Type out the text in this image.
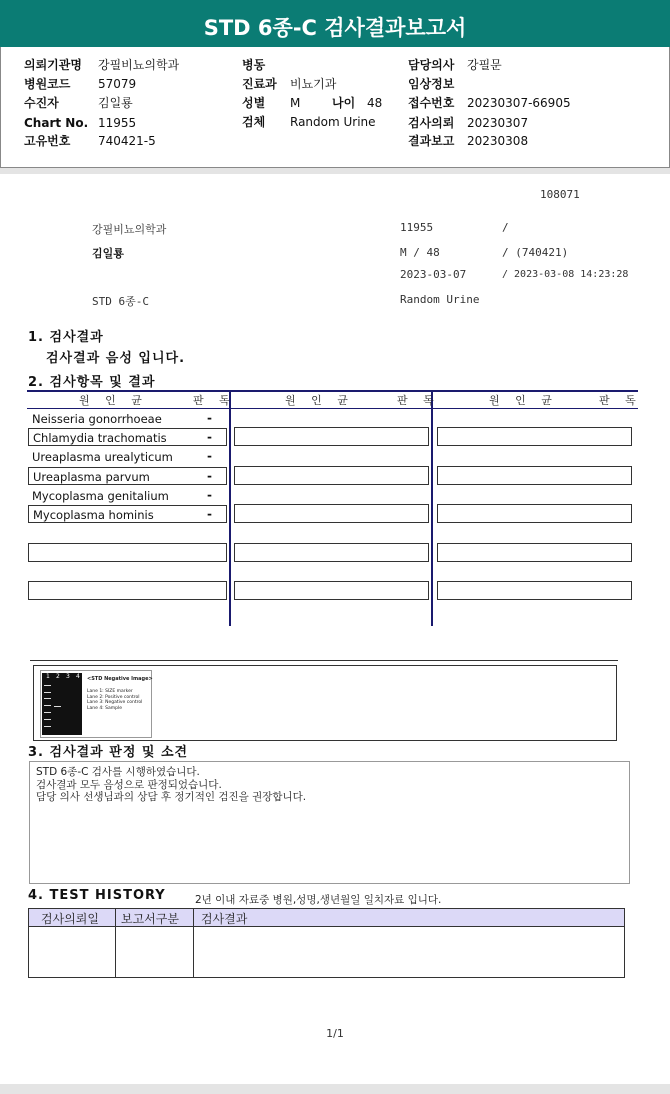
STD 6종-C 검사결과보고서
의뢰기관명 강필비뇨의학과
병원코드 57079
수진자	김일룡
Chart No. 11955
고유번호 740421-5
병동
진료과 비뇨기과
성별 M	나이 48
검체 Random Urine
담당의사 강필문
임상정보
접수번호 20230307-66905
검사의뢰 20230307
결과보고 20230308
108071
강필비뇨의학과	11955	/
김일룡	M / 48	/ (740421)
2023-03-07	/ 2023-03-08 14:23:28
STD 6종-C	Random Urine
1. 검사결과
검사결과 음성 입니다.
2. 검사항목 및 결과
원 인 균	판 독	원 인 균	판 독	원 인 균	판 독
Neisseria gonorrhoeae	-
Chlamydia trachomatis	-
Ureaplasma urealyticum	-
Ureaplasma parvum	-
Mycoplasma genitalium	-
Mycoplasma hominis	-
1 2 3 4 <STD Negative Image>
Lane 1: SIZE marker
Lane 2: Positive control
Lane 3: Negative control
Lane 4: Sample
3. 검사결과 판정 및 소견
STD 6종-C 검사를 시행하였습니다.
검사결과 모두 음성으로 판정되었습니다.
담당 의사 선생님과의 상담 후 정기적인 검진을 권장합니다.
4. TEST HISTORY	2년 이내 자료중 병원,성명,생년월일 일치자료 입니다.
검사의뢰일 보고서구분 검사결과
1/1
